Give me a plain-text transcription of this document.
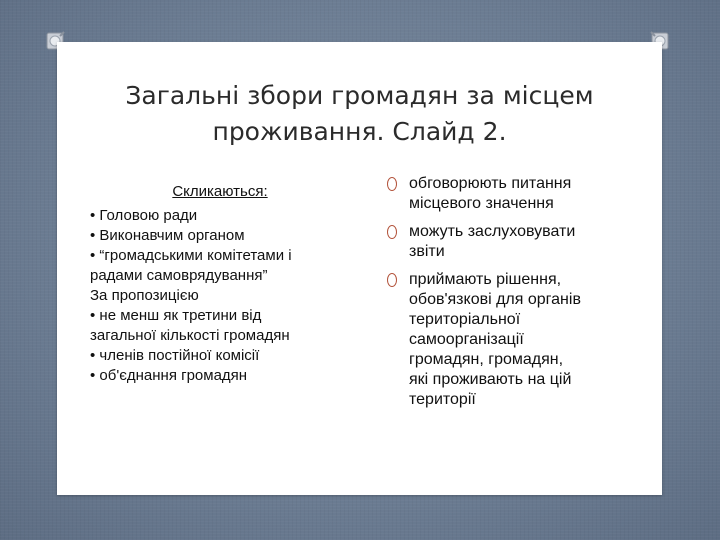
Загальні збори громадян за місцем
проживання. Слайд 2.
Скликаються:
• Головою ради
• Виконавчим органом
• “громадськими комітетами і
радами самоврядування”
За пропозицією
• не менш як третини від
загальної кількості громадян
• членів постійної комісії
• об'єднання громадян
обговорюють питання
місцевого значення
можуть заслуховувати
звіти
приймають рішення,
обов'язкові для органів
територіальної
самоорганізації
громадян, громадян,
які проживають на цій
території
